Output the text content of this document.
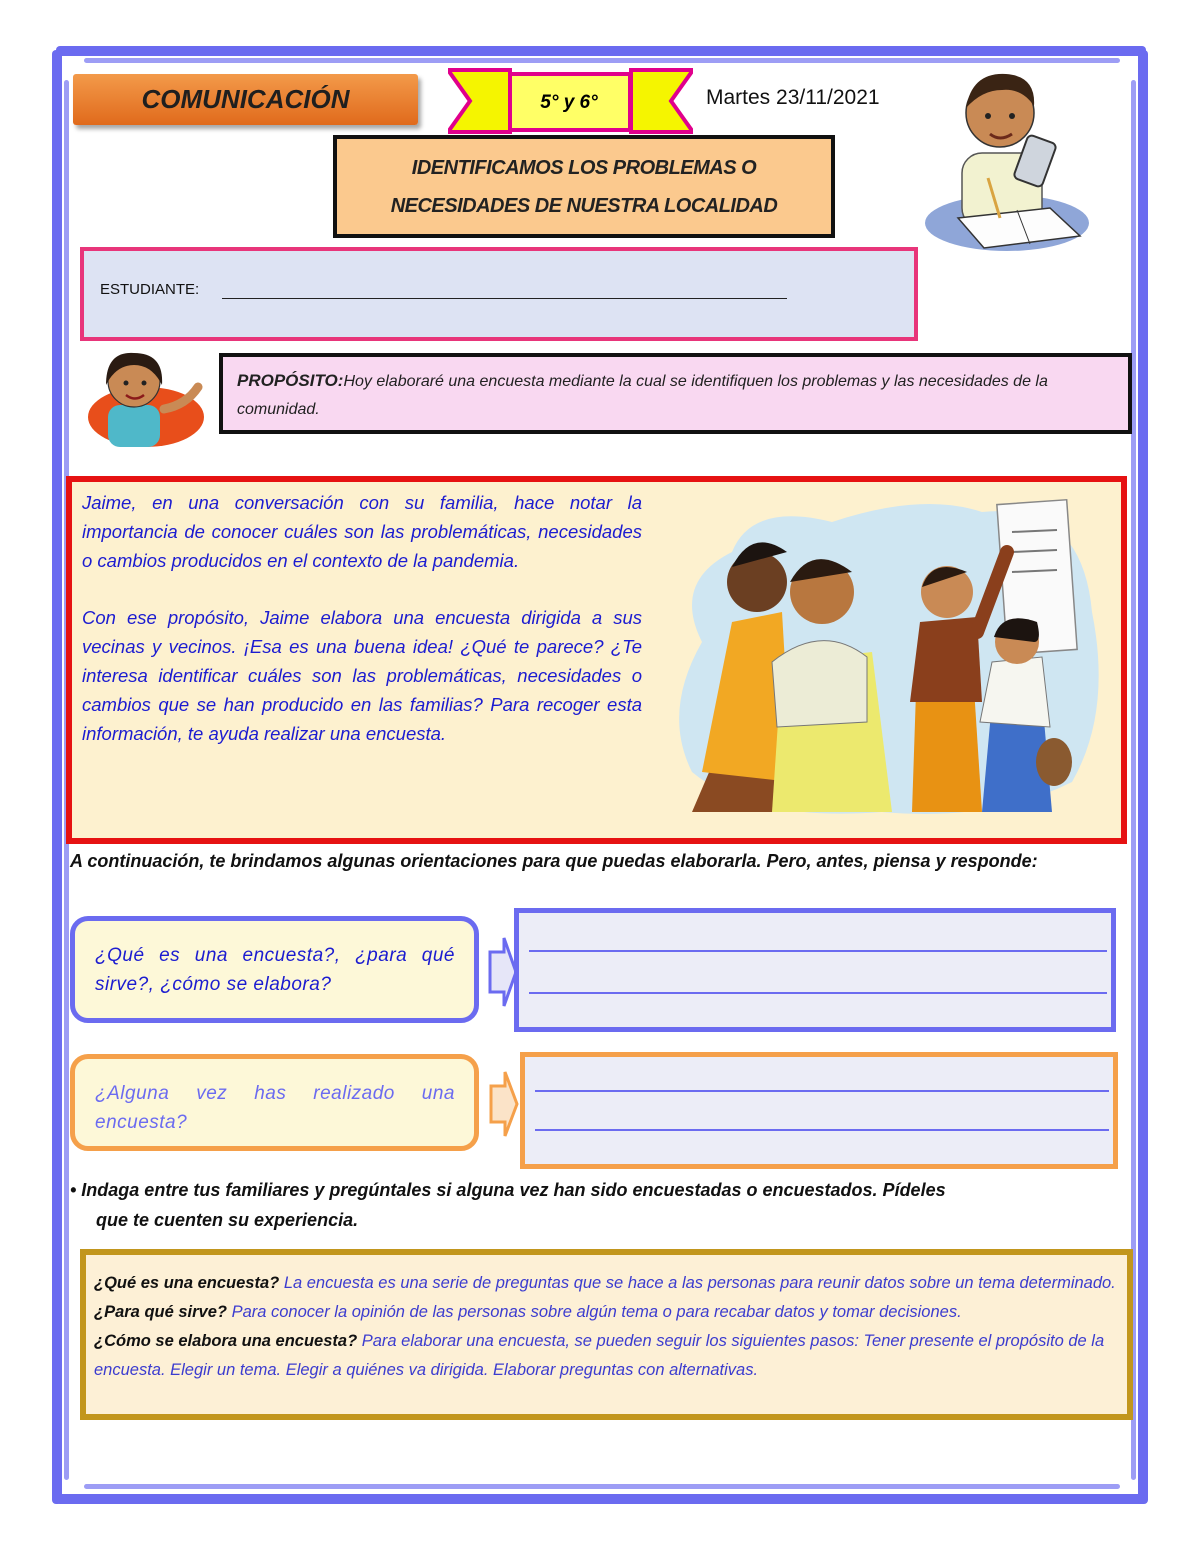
COMUNICACIÓN	5° y 6°	Martes 23/11/2021
IDENTIFICAMOS LOS PROBLEMAS O
NECESIDADES DE NUESTRA LOCALIDAD
ESTUDIANTE:
PROPÓSITO:Hoy elaboraré una encuesta mediante la cual se identifiquen los problemas y las necesidades de la comunidad.

Jaime, en una conversación con su familia, hace notar la importancia de conocer cuáles son las problemáticas, necesidades o cambios producidos en el contexto de la pandemia.

Con ese propósito, Jaime elabora una encuesta dirigida a sus vecinas y vecinos. ¡Esa es una buena idea! ¿Qué te parece? ¿Te interesa identificar cuáles son las problemáticas, necesidades o cambios que se han producido en las familias? Para recoger esta información, te ayuda realizar una encuesta.

A continuación, te brindamos algunas orientaciones para que puedas elaborarla. Pero, antes, piensa y responde:
¿Qué es una encuesta?, ¿para qué sirve?, ¿cómo se elabora?
¿Alguna vez has realizado una encuesta?
• Indaga entre tus familiares y pregúntales si alguna vez han sido encuestadas o encuestados. Pídeles
que te cuenten su experiencia.
¿Qué es una encuesta? La encuesta es una serie de preguntas que se hace a las personas para reunir datos sobre un tema determinado.
¿Para qué sirve? Para conocer la opinión de las personas sobre algún tema o para recabar datos y tomar decisiones.
¿Cómo se elabora una encuesta? Para elaborar una encuesta, se pueden seguir los siguientes pasos: Tener presente el propósito de la encuesta. Elegir un tema. Elegir a quiénes va dirigida. Elaborar preguntas con alternativas.
